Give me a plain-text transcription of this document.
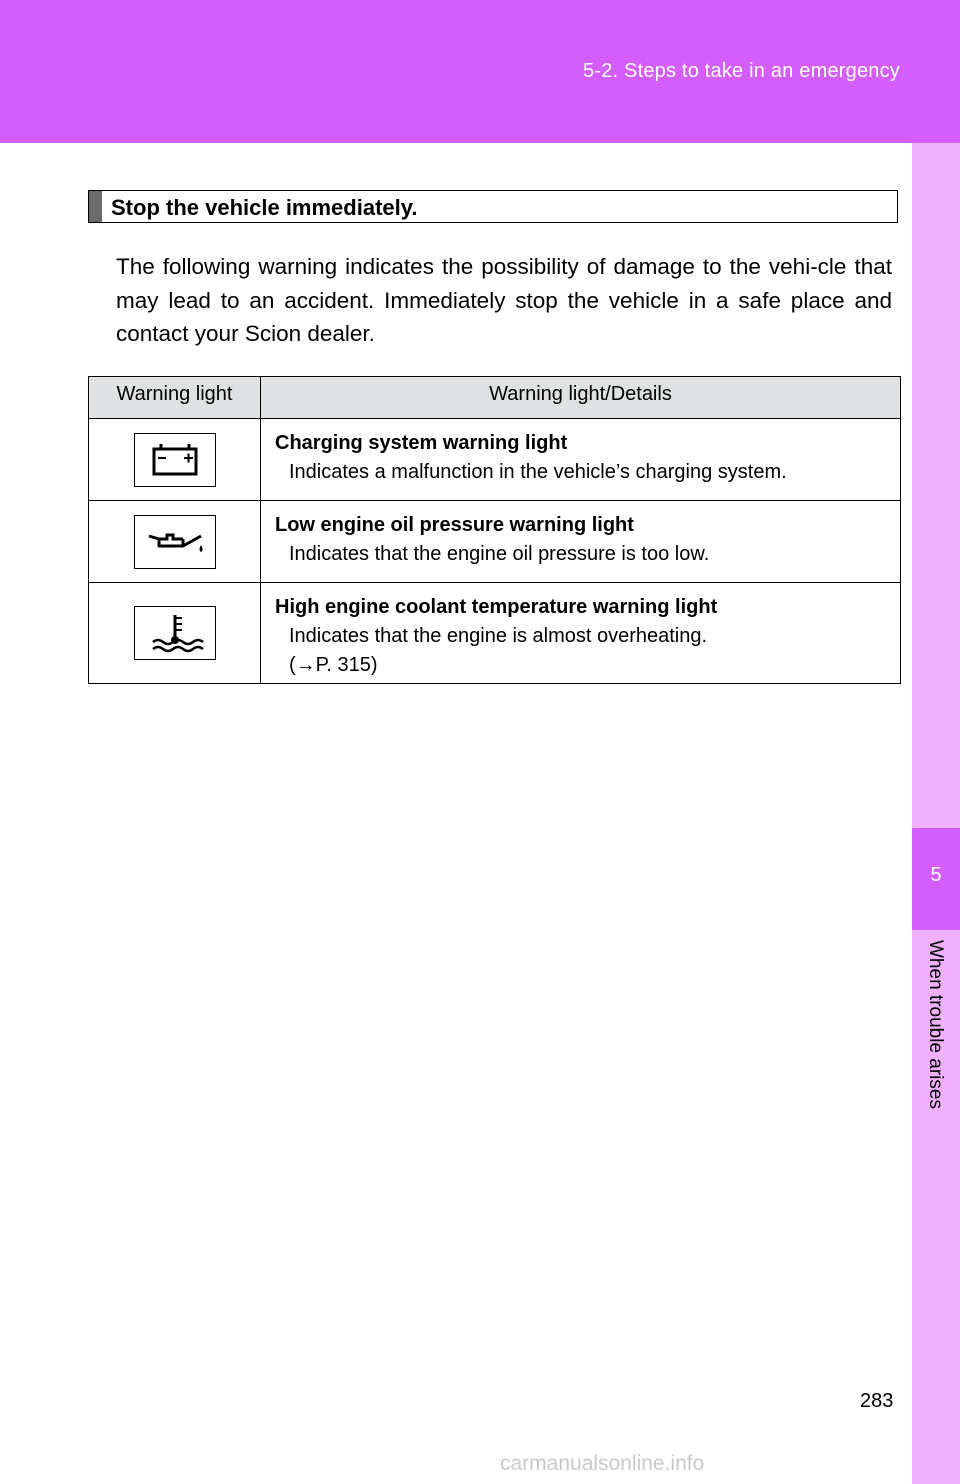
5-2. Steps to take in an emergency
5
When trouble arises
Stop the vehicle immediately.
The following warning indicates the possibility of damage to the vehi-cle that may lead to an accident. Immediately stop the vehicle in a safe place and contact your Scion dealer.
Warning light	Warning light/Details

Charging system warning light
Indicates a malfunction in the vehicle’s charging system.

Low engine oil pressure warning light
Indicates that the engine oil pressure is too low.

High engine coolant temperature warning light
Indicates that the engine is almost overheating.
(→P. 315)
283
carmanualsonline.info
